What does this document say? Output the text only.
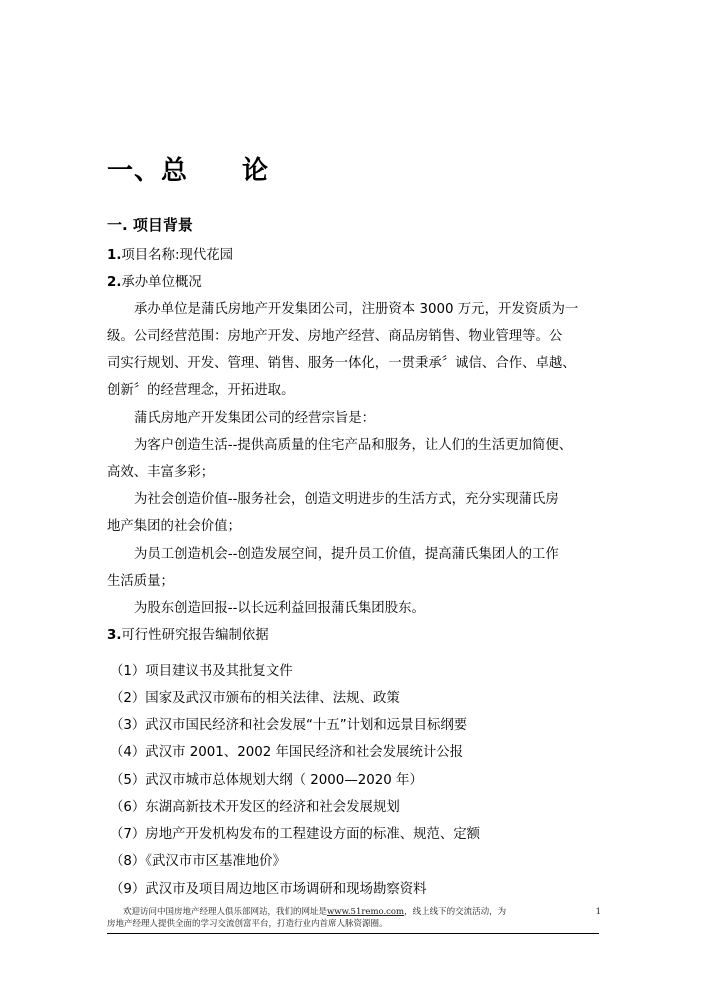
一、总　　论
一. 项目背景
1.项目名称:现代花园
2.承办单位概况
承办单位是蒲氏房地产开发集团公司，注册资本 3000 万元，开发资质为一
级。公司经营范围：房地产开发、房地产经营、商品房销售、物业管理等。公
司实行规划、开发、管理、销售、服务一体化，一贯秉承〞诚信、合作、卓越、
创新〞的经营理念，开拓进取。
蒲氏房地产开发集团公司的经营宗旨是：
为客户创造生活--提供高质量的住宅产品和服务，让人们的生活更加简便、
高效、丰富多彩；
为社会创造价值--服务社会，创造文明进步的生活方式，充分实现蒲氏房
地产集团的社会价值；
为员工创造机会--创造发展空间，提升员工价值，提高蒲氏集团人的工作
生活质量；
为股东创造回报--以长远利益回报蒲氏集团股东。
3.可行性研究报告编制依据
（1）项目建议书及其批复文件
（2）国家及武汉市颁布的相关法律、法规、政策
（3）武汉市国民经济和社会发展“十五”计划和远景目标纲要
（4）武汉市 2001、2002 年国民经济和社会发展统计公报
（5）武汉市城市总体规划大纲（ 2000—2020 年）
（6）东湖高新技术开发区的经济和社会发展规划
（7）房地产开发机构发布的工程建设方面的标准、规范、定额
（8）《武汉市市区基准地价》
（9）武汉市及项目周边地区市场调研和现场勘察资料
欢迎访问中国房地产经理人俱乐部网站，我们的网址是www.51remo.com，线上线下的交流活动，为	1
房地产经理人提供全面的学习交流创富平台，打造行业内首席人脉资源圈。
